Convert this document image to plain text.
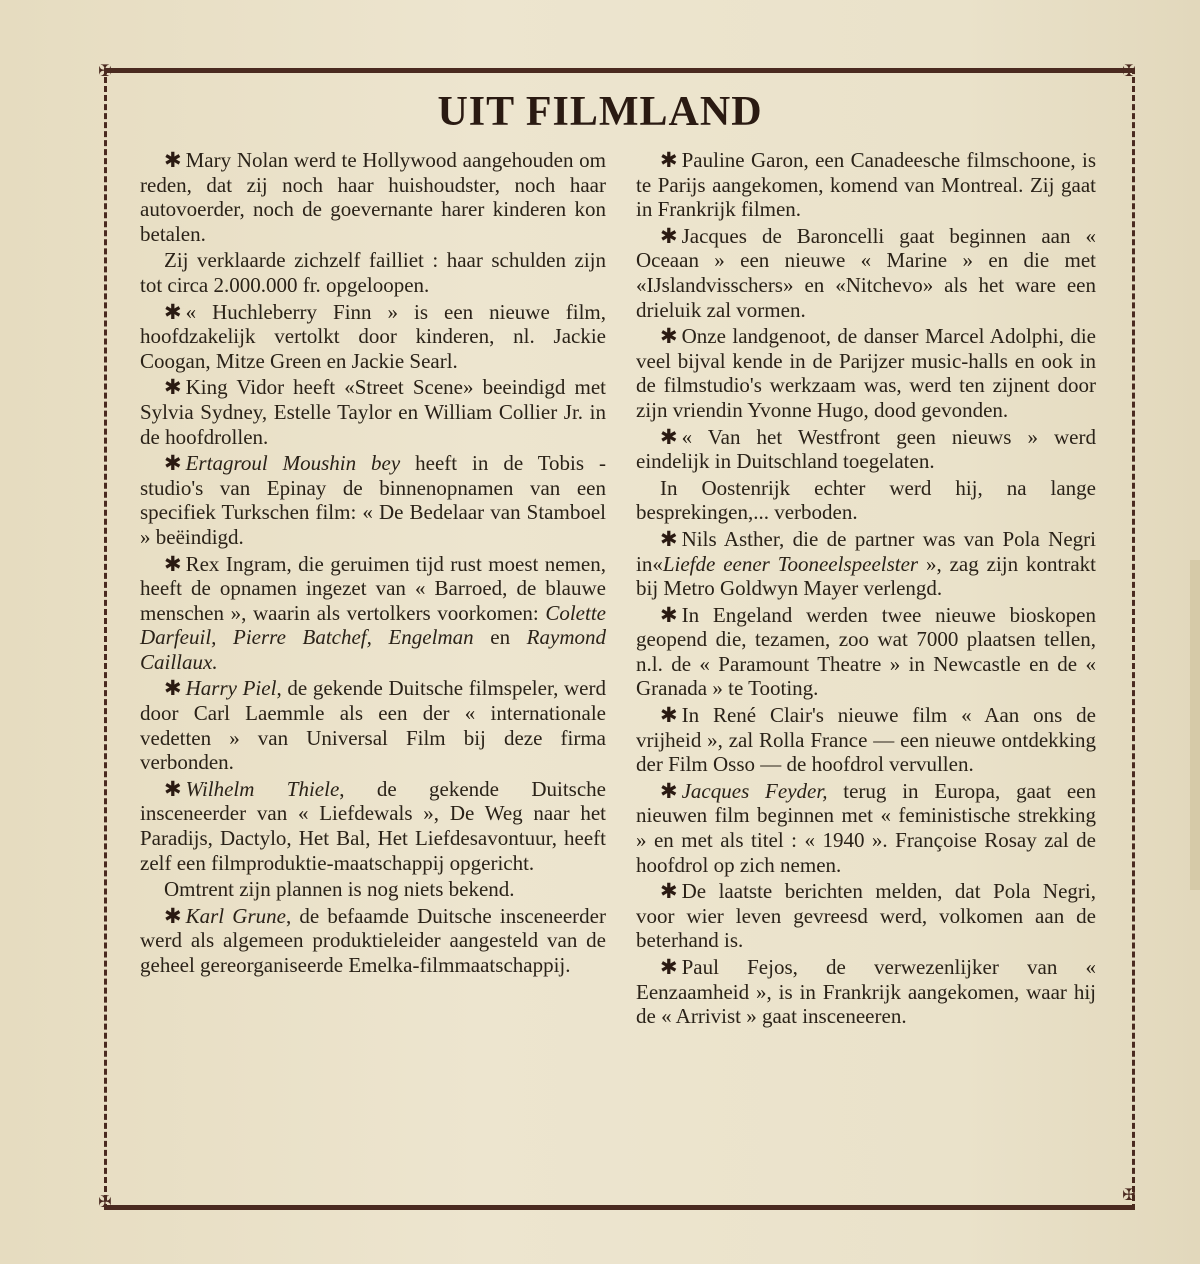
✠	✠
✠	✠
UIT FILMLAND

✱ Mary Nolan werd te Hollywood aangehouden om reden, dat zij noch haar huishoudster, noch haar autovoerder, noch de goevernante harer kinderen kon betalen.

Zij verklaarde zichzelf failliet : haar schulden zijn tot circa 2.000.000 fr. opgeloopen.

✱ « Huchleberry Finn » is een nieuwe film, hoofdzakelijk vertolkt door kinderen, nl. Jackie Coogan, Mitze Green en Jackie Searl.

✱ King Vidor heeft «Street Scene» beeindigd met Sylvia Sydney, Estelle Taylor en William Collier Jr. in de hoofdrollen.

✱ Ertagroul Moushin bey heeft in de Tobis - studio's van Epinay de binnenopnamen van een specifiek Turkschen film: « De Bedelaar van Stamboel » beëindigd.

✱ Rex Ingram, die geruimen tijd rust moest nemen, heeft de opnamen ingezet van « Barroed, de blauwe menschen », waarin als vertolkers voorkomen: Colette Darfeuil, Pierre Batchef, Engelman en Raymond Caillaux.

✱ Harry Piel, de gekende Duitsche filmspeler, werd door Carl Laemmle als een der « internationale vedetten » van Universal Film bij deze firma verbonden.

✱ Wilhelm Thiele, de gekende Duitsche insceneerder van « Liefdewals », De Weg naar het Paradijs, Dactylo, Het Bal, Het Liefdesavontuur, heeft zelf een filmproduktie-maatschappij opgericht.

Omtrent zijn plannen is nog niets bekend.

✱ Karl Grune, de befaamde Duitsche insceneerder werd als algemeen produktieleider aangesteld van de geheel gereorganiseerde Emelka-filmmaatschappij.

✱ Pauline Garon, een Canadeesche filmschoone, is te Parijs aangekomen, komend van Montreal. Zij gaat in Frankrijk filmen.

✱ Jacques de Baroncelli gaat beginnen aan « Oceaan » een nieuwe « Marine » en die met «IJslandvisschers» en «Nitchevo» als het ware een drieluik zal vormen.

✱ Onze landgenoot, de danser Marcel Adolphi, die veel bijval kende in de Parijzer music-halls en ook in de filmstudio's werkzaam was, werd ten zijnent door zijn vriendin Yvonne Hugo, dood gevonden.

✱ « Van het Westfront geen nieuws » werd eindelijk in Duitschland toegelaten.

In Oostenrijk echter werd hij, na lange besprekingen,... verboden.

✱ Nils Asther, die de partner was van Pola Negri in«Liefde eener Tooneelspeelster », zag zijn kontrakt bij Metro Goldwyn Mayer verlengd.

✱ In Engeland werden twee nieuwe bioskopen geopend die, tezamen, zoo wat 7000 plaatsen tellen, n.l. de « Paramount Theatre » in Newcastle en de « Granada » te Tooting.

✱ In René Clair's nieuwe film « Aan ons de vrijheid », zal Rolla France — een nieuwe ontdekking der Film Osso — de hoofdrol vervullen.

✱ Jacques Feyder, terug in Europa, gaat een nieuwen film beginnen met « feministische strekking » en met als titel : « 1940 ». Françoise Rosay zal de hoofdrol op zich nemen.

✱ De laatste berichten melden, dat Pola Negri, voor wier leven gevreesd werd, volkomen aan de beterhand is.

✱ Paul Fejos, de verwezenlijker van « Eenzaamheid », is in Frankrijk aangekomen, waar hij de « Arrivist » gaat insceneeren.
